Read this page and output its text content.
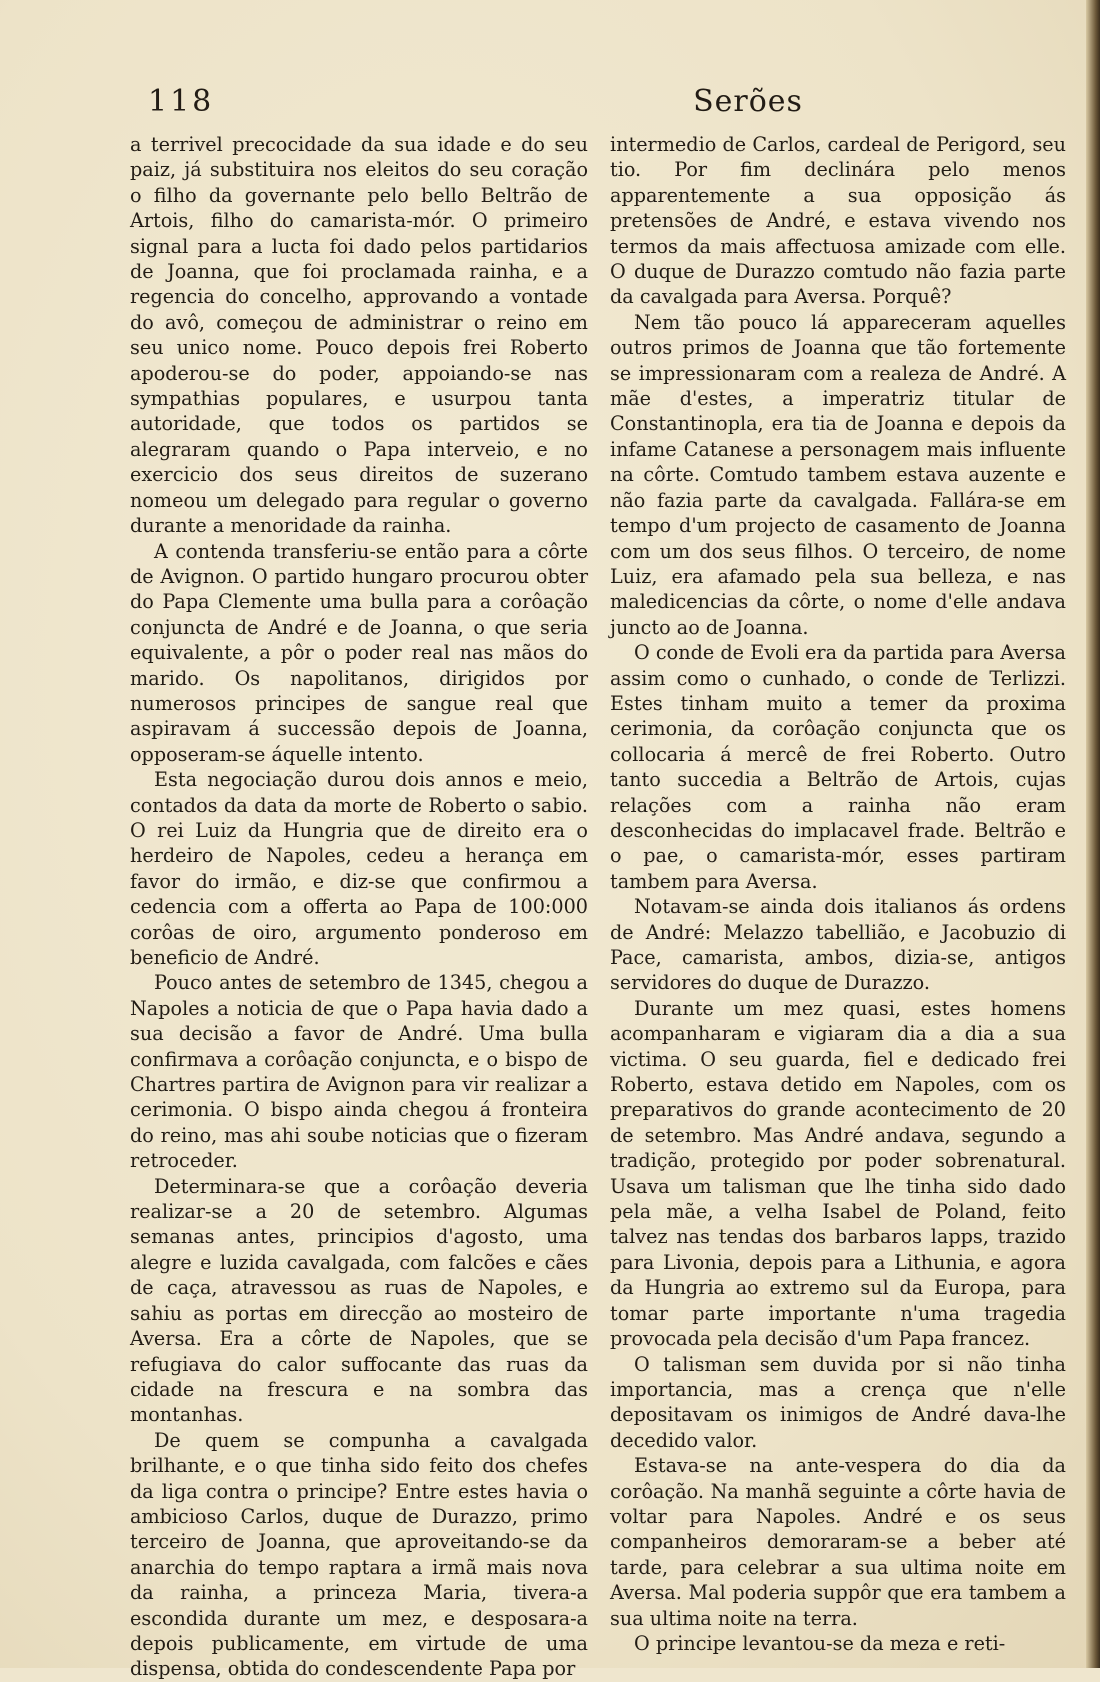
118	Serões

a terrivel precocidade da sua idade e do seu paiz, já substituira nos eleitos do seu coração o filho da governante pelo bello Beltrão de Artois, filho do camarista-mór. O primeiro signal para a lucta foi dado pelos partidarios de Joanna, que foi proclamada rainha, e a regencia do concelho, approvando a vontade do avô, começou de administrar o reino em seu unico nome. Pouco depois frei Roberto apoderou-se do poder, appoiando-se nas sympathias populares, e usurpou tanta autoridade, que todos os partidos se alegraram quando o Papa interveio, e no exercicio dos seus direitos de suzerano nomeou um delegado para regular o governo durante a menoridade da rainha.

A contenda transferiu-se então para a côrte de Avignon. O partido hungaro procurou obter do Papa Clemente uma bulla para a corôação conjuncta de André e de Joanna, o que seria equivalente, a pôr o poder real nas mãos do marido. Os napolitanos, dirigidos por numerosos principes de sangue real que aspiravam á successão depois de Joanna, opposeram-se áquelle intento.

Esta negociação durou dois annos e meio, contados da data da morte de Roberto o sabio. O rei Luiz da Hungria que de direito era o herdeiro de Napoles, cedeu a herança em favor do irmão, e diz-se que confirmou a cedencia com a offerta ao Papa de 100:000 corôas de oiro, argumento ponderoso em beneficio de André.

Pouco antes de setembro de 1345, chegou a Napoles a noticia de que o Papa havia dado a sua decisão a favor de André. Uma bulla confirmava a corôação conjuncta, e o bispo de Chartres partira de Avignon para vir realizar a cerimonia. O bispo ainda chegou á fronteira do reino, mas ahi soube noticias que o fizeram retroceder.

Determinara-se que a corôação deveria realizar-se a 20 de setembro. Algumas semanas antes, principios d'agosto, uma alegre e luzida cavalgada, com falcões e cães de caça, atravessou as ruas de Napoles, e sahiu as portas em direcção ao mosteiro de Aversa. Era a côrte de Napoles, que se refugiava do calor suffocante das ruas da cidade na frescura e na sombra das montanhas.

De quem se compunha a cavalgada brilhante, e o que tinha sido feito dos chefes da liga contra o principe? Entre estes havia o ambicioso Carlos, duque de Durazzo, primo terceiro de Joanna, que aproveitando-se da anarchia do tempo raptara a irmã mais nova da rainha, a princeza Maria, tivera-a escondida durante um mez, e desposara-a depois publicamente, em virtude de uma dispensa, obtida do condescendente Papa por

intermedio de Carlos, cardeal de Perigord, seu tio. Por fim declinára pelo menos apparentemente a sua opposição ás pretensões de André, e estava vivendo nos termos da mais affectuosa amizade com elle. O duque de Durazzo comtudo não fazia parte da cavalgada para Aversa. Porquê?

Nem tão pouco lá appareceram aquelles outros primos de Joanna que tão fortemente se impressionaram com a realeza de André. A mãe d'estes, a imperatriz titular de Constantinopla, era tia de Joanna e depois da infame Catanese a personagem mais influente na côrte. Comtudo tambem estava auzente e não fazia parte da cavalgada. Fallára-se em tempo d'um projecto de casamento de Joanna com um dos seus filhos. O terceiro, de nome Luiz, era afamado pela sua belleza, e nas maledicencias da côrte, o nome d'elle andava juncto ao de Joanna.

O conde de Evoli era da partida para Aversa assim como o cunhado, o conde de Terlizzi. Estes tinham muito a temer da proxima cerimonia, da corôação conjuncta que os collocaria á mercê de frei Roberto. Outro tanto succedia a Beltrão de Artois, cujas relações com a rainha não eram desconhecidas do implacavel frade. Beltrão e o pae, o camarista-mór, esses partiram tambem para Aversa.

Notavam-se ainda dois italianos ás ordens de André: Melazzo tabellião, e Jacobuzio di Pace, camarista, ambos, dizia-se, antigos servidores do duque de Durazzo.

Durante um mez quasi, estes homens acompanharam e vigiaram dia a dia a sua victima. O seu guarda, fiel e dedicado frei Roberto, estava detido em Napoles, com os preparativos do grande acontecimento de 20 de setembro. Mas André andava, segundo a tradição, protegido por poder sobrenatural. Usava um talisman que lhe tinha sido dado pela mãe, a velha Isabel de Poland, feito talvez nas tendas dos barbaros lapps, trazido para Livonia, depois para a Lithunia, e agora da Hungria ao extremo sul da Europa, para tomar parte importante n'uma tragedia provocada pela decisão d'um Papa francez.

O talisman sem duvida por si não tinha importancia, mas a crença que n'elle depositavam os inimigos de André dava-lhe decedido valor.

Estava-se na ante-vespera do dia da corôação. Na manhã seguinte a côrte havia de voltar para Napoles. André e os seus companheiros demoraram-se a beber até tarde, para celebrar a sua ultima noite em Aversa. Mal poderia suppôr que era tambem a sua ultima noite na terra.

O principe levantou-se da meza e reti-
